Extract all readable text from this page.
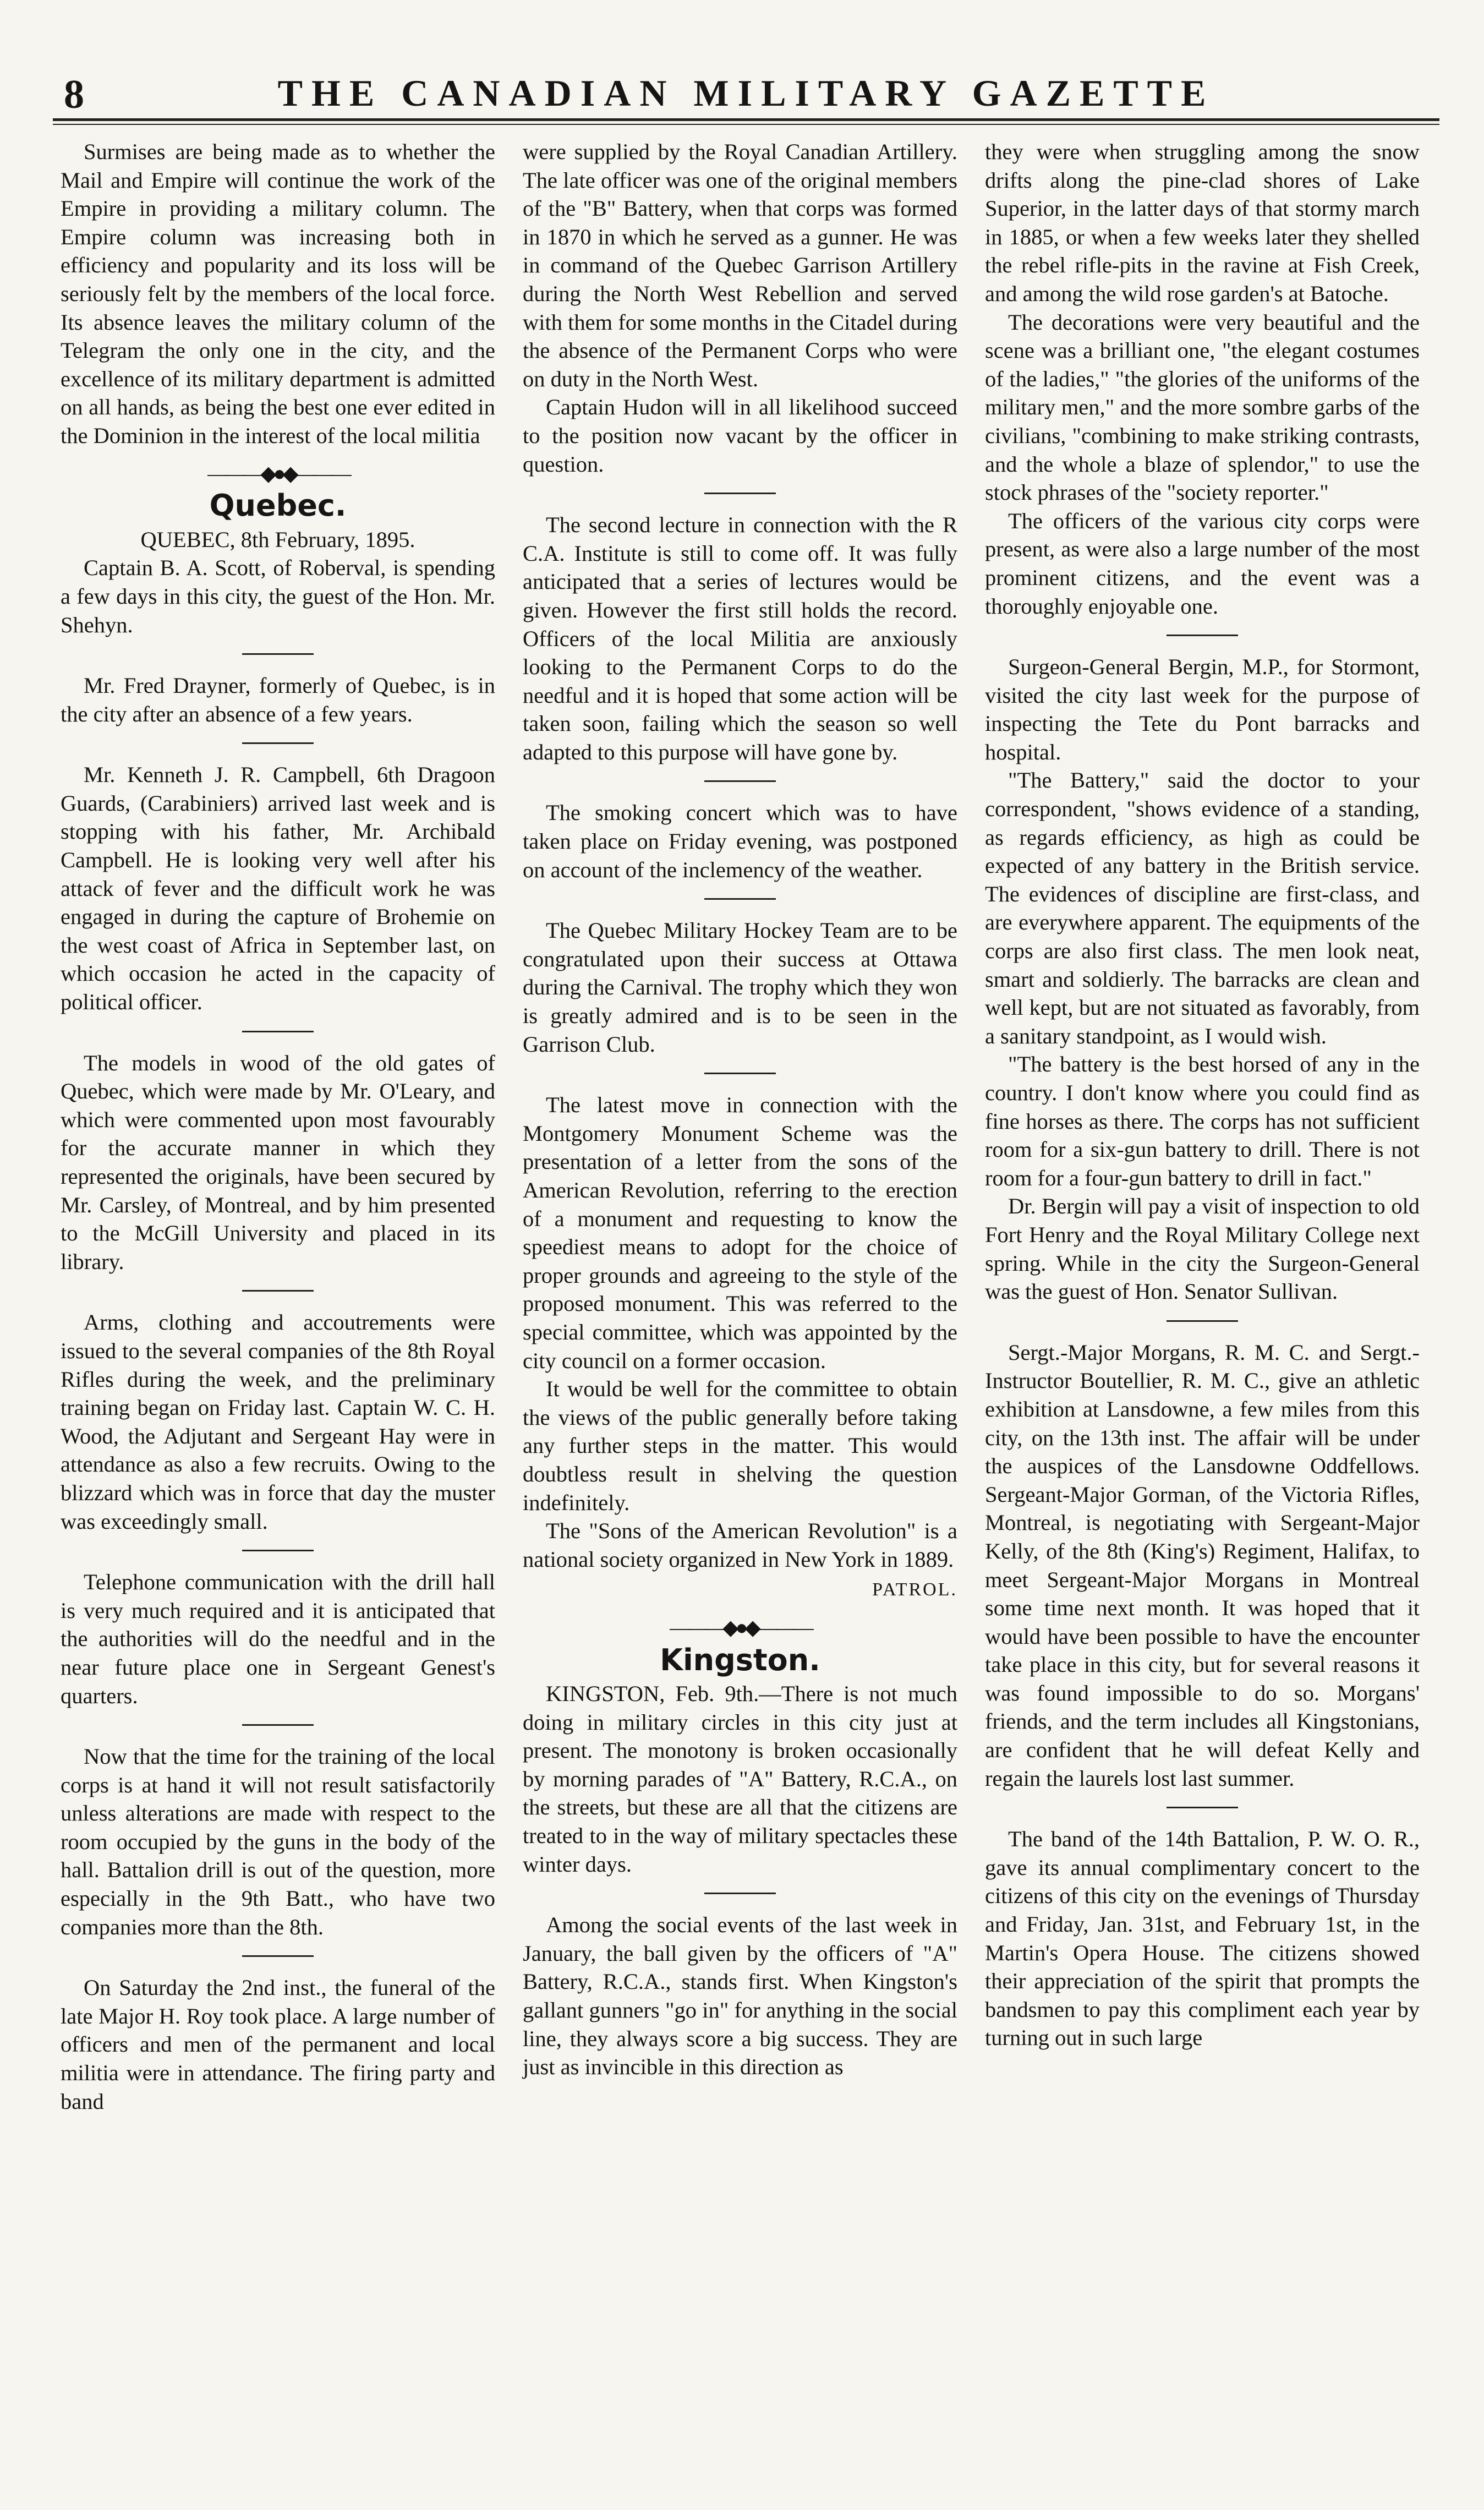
8	THE CANADIAN MILITARY GAZETTE

Surmises are being made as to whether the Mail and Empire will continue the work of the Empire in providing a military column. The Empire column was increasing both in efficiency and popularity and its loss will be seriously felt by the members of the local force. Its absence leaves the military column of the Telegram the only one in the city, and the excellence of its military department is admitted on all hands, as being the best one ever edited in the Dominion in the interest of the local militia

———◆●◆———
Quebec.

QUEBEC, 8th February, 1895.

Captain B. A. Scott, of Roberval, is spending a few days in this city, the guest of the Hon. Mr. Shehyn.

Mr. Fred Drayner, formerly of Quebec, is in the city after an absence of a few years.

Mr. Kenneth J. R. Campbell, 6th Dragoon Guards, (Carabiniers) arrived last week and is stopping with his father, Mr. Archibald Campbell. He is looking very well after his attack of fever and the difficult work he was engaged in during the capture of Brohemie on the west coast of Africa in September last, on which occasion he acted in the capacity of political officer.

The models in wood of the old gates of Quebec, which were made by Mr. O'Leary, and which were commented upon most favourably for the accurate manner in which they represented the originals, have been secured by Mr. Carsley, of Montreal, and by him presented to the McGill University and placed in its library.

Arms, clothing and accoutrements were issued to the several companies of the 8th Royal Rifles during the week, and the preliminary training began on Friday last. Captain W. C. H. Wood, the Adjutant and Sergeant Hay were in attendance as also a few recruits. Owing to the blizzard which was in force that day the muster was exceedingly small.

Telephone communication with the drill hall is very much required and it is anticipated that the authorities will do the needful and in the near future place one in Sergeant Genest's quarters.

Now that the time for the training of the local corps is at hand it will not result satisfactorily unless alterations are made with respect to the room occupied by the guns in the body of the hall. Battalion drill is out of the question, more especially in the 9th Batt., who have two companies more than the 8th.

On Saturday the 2nd inst., the funeral of the late Major H. Roy took place. A large number of officers and men of the permanent and local militia were in attendance. The firing party and band

were supplied by the Royal Canadian Artillery. The late officer was one of the original members of the "B" Battery, when that corps was formed in 1870 in which he served as a gunner. He was in command of the Quebec Garrison Artillery during the North West Rebellion and served with them for some months in the Citadel during the absence of the Permanent Corps who were on duty in the North West.

Captain Hudon will in all likelihood succeed to the position now vacant by the officer in question.

The second lecture in connection with the R C.A. Institute is still to come off. It was fully anticipated that a series of lectures would be given. However the first still holds the record. Officers of the local Militia are anxiously looking to the Permanent Corps to do the needful and it is hoped that some action will be taken soon, failing which the season so well adapted to this purpose will have gone by.

The smoking concert which was to have taken place on Friday evening, was postponed on account of the inclemency of the weather.

The Quebec Military Hockey Team are to be congratulated upon their success at Ottawa during the Carnival. The trophy which they won is greatly admired and is to be seen in the Garrison Club.

The latest move in connection with the Montgomery Monument Scheme was the presentation of a letter from the sons of the American Revolution, referring to the erection of a monument and requesting to know the speediest means to adopt for the choice of proper grounds and agreeing to the style of the proposed monument. This was referred to the special committee, which was appointed by the city council on a former occasion.

It would be well for the committee to obtain the views of the public generally before taking any further steps in the matter. This would doubtless result in shelving the question indefinitely.

The "Sons of the American Revolution" is a national society organized in New York in 1889.

PATROL.

———◆●◆———
Kingston.

KINGSTON, Feb. 9th.—There is not much doing in military circles in this city just at present. The monotony is broken occasionally by morning parades of "A" Battery, R.C.A., on the streets, but these are all that the citizens are treated to in the way of military spectacles these winter days.

Among the social events of the last week in January, the ball given by the officers of "A" Battery, R.C.A., stands first. When Kingston's gallant gunners "go in" for anything in the social line, they always score a big success. They are just as invincible in this direction as

they were when struggling among the snow drifts along the pine-clad shores of Lake Superior, in the latter days of that stormy march in 1885, or when a few weeks later they shelled the rebel rifle-pits in the ravine at Fish Creek, and among the wild rose garden's at Batoche.

The decorations were very beautiful and the scene was a brilliant one, "the elegant costumes of the ladies," "the glories of the uniforms of the military men," and the more sombre garbs of the civilians, "combining to make striking contrasts, and the whole a blaze of splendor," to use the stock phrases of the "society reporter."

The officers of the various city corps were present, as were also a large number of the most prominent citizens, and the event was a thoroughly enjoyable one.

Surgeon-General Bergin, M.P., for Stormont, visited the city last week for the purpose of inspecting the Tete du Pont barracks and hospital.

"The Battery," said the doctor to your correspondent, "shows evidence of a standing, as regards efficiency, as high as could be expected of any battery in the British service. The evidences of discipline are first-class, and are everywhere apparent. The equipments of the corps are also first class. The men look neat, smart and soldierly. The barracks are clean and well kept, but are not situated as favorably, from a sanitary standpoint, as I would wish.

"The battery is the best horsed of any in the country. I don't know where you could find as fine horses as there. The corps has not sufficient room for a six-gun battery to drill. There is not room for a four-gun battery to drill in fact."

Dr. Bergin will pay a visit of inspection to old Fort Henry and the Royal Military College next spring. While in the city the Surgeon-General was the guest of Hon. Senator Sullivan.

Sergt.-Major Morgans, R. M. C. and Sergt.-Instructor Boutellier, R. M. C., give an athletic exhibition at Lansdowne, a few miles from this city, on the 13th inst. The affair will be under the auspices of the Lansdowne Oddfellows. Sergeant-Major Gorman, of the Victoria Rifles, Montreal, is negotiating with Sergeant-Major Kelly, of the 8th (King's) Regiment, Halifax, to meet Sergeant-Major Morgans in Montreal some time next month. It was hoped that it would have been possible to have the encounter take place in this city, but for several reasons it was found impossible to do so. Morgans' friends, and the term includes all Kingstonians, are confident that he will defeat Kelly and regain the laurels lost last summer.

The band of the 14th Battalion, P. W. O. R., gave its annual complimentary concert to the citizens of this city on the evenings of Thursday and Friday, Jan. 31st, and February 1st, in the Martin's Opera House. The citizens showed their appreciation of the spirit that prompts the bandsmen to pay this compliment each year by turning out in such large
